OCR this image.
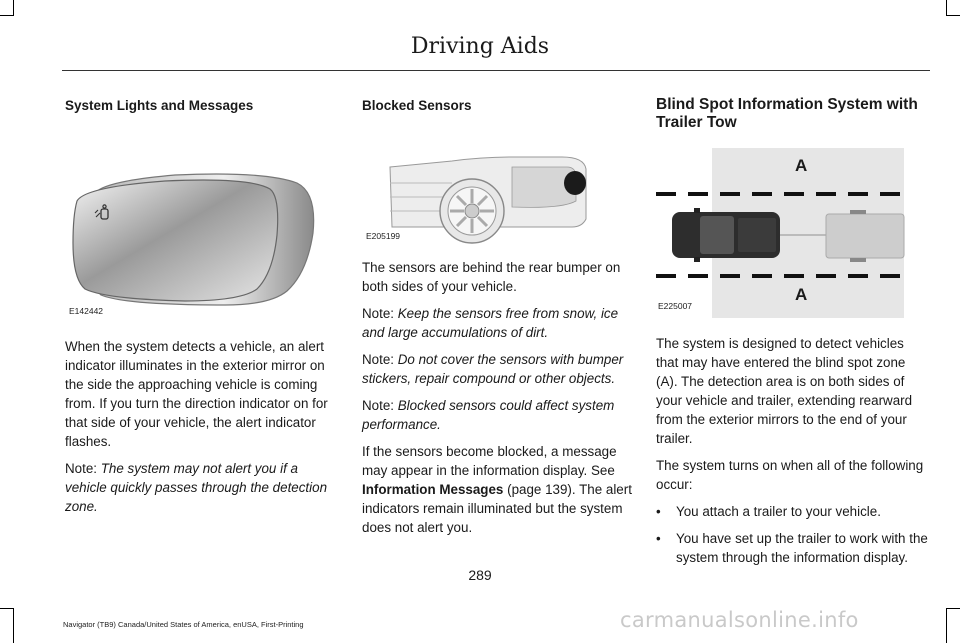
Driving Aids

System Lights and Messages

E142442

When the system detects a vehicle, an alert indicator illuminates in the exterior mirror on the side the approaching vehicle is coming from. If you turn the direction indicator on for that side of your vehicle, the alert indicator flashes.

Note: The system may not alert you if a vehicle quickly passes through the detection zone.

Blocked Sensors

E205199

The sensors are behind the rear bumper on both sides of your vehicle.

Note: Keep the sensors free from snow, ice and large accumulations of dirt.

Note: Do not cover the sensors with bumper stickers, repair compound or other objects.

Note: Blocked sensors could affect system performance.

If the sensors become blocked, a message may appear in the information display. See Information Messages (page 139). The alert indicators remain illuminated but the system does not alert you.

Blind Spot Information System with Trailer Tow

A
A
E225007

The system is designed to detect vehicles that may have entered the blind spot zone (A). The detection area is on both sides of your vehicle and trailer, extending rearward from the exterior mirrors to the end of your trailer.

The system turns on when all of the following occur:

• You attach a trailer to your vehicle.
• You have set up the trailer to work with the system through the information display.
289
Navigator (TB9) Canada/United States of America, enUSA, First-Printing	carmanualsonline.info
